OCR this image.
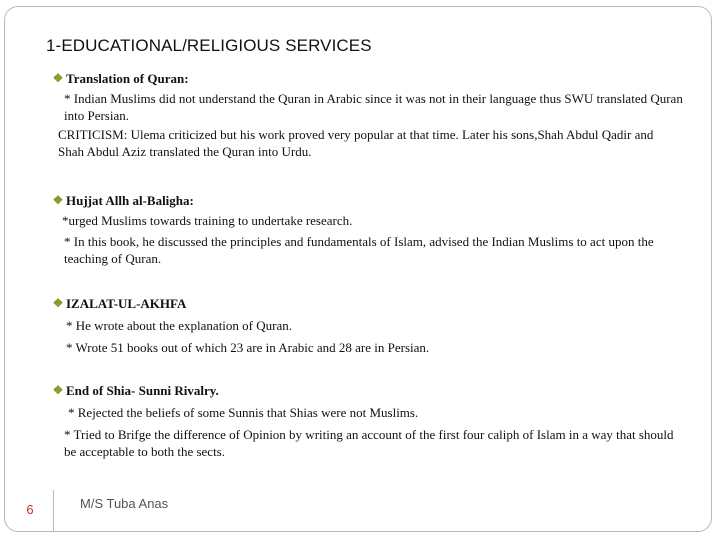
1-EDUCATIONAL/RELIGIOUS SERVICES
❖ Translation of Quran:
* Indian Muslims did not understand the Quran in Arabic since it was not in their language thus SWU translated Quran into Persian.
CRITICISM: Ulema criticized but his work proved very popular at that time. Later his sons,Shah Abdul Qadir and Shah Abdul Aziz translated the Quran into Urdu.
❖ Hujjat Allh al-Baligha:
*urged Muslims towards training to undertake research.
* In this book, he discussed the principles and fundamentals of Islam, advised the Indian Muslims to act upon the teaching of Quran.
❖ IZALAT-UL-AKHFA
* He wrote about the explanation of Quran.
* Wrote 51 books out of which 23 are in Arabic and 28 are in Persian.
❖ End of Shia- Sunni Rivalry.
* Rejected the beliefs of some Sunnis that Shias were not Muslims.
* Tried to Brifge the difference of Opinion by writing an account of the first four caliph of Islam in a way that should be acceptable to both the sects.
6	M/S Tuba Anas
